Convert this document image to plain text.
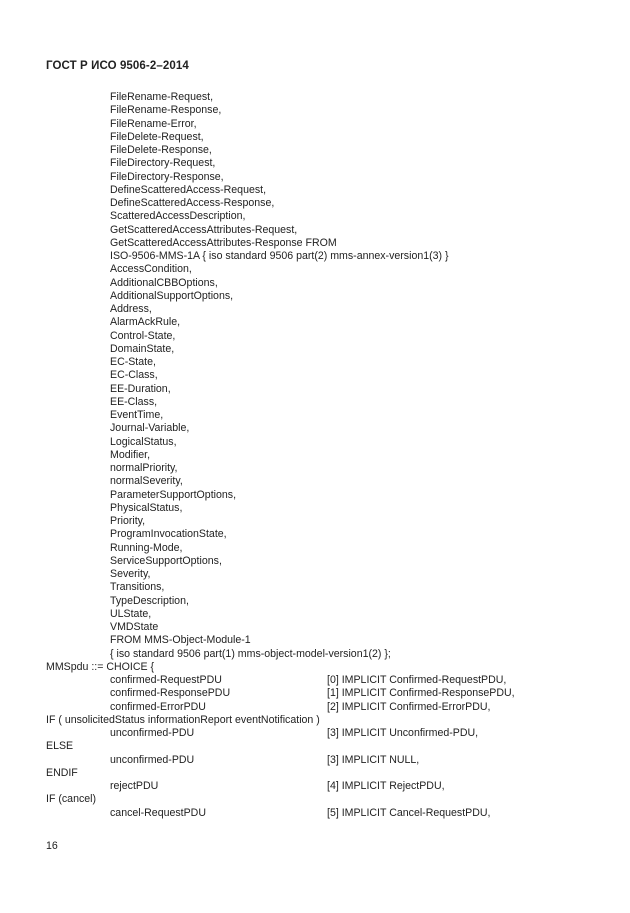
ГОСТ Р ИСО 9506-2–2014
FileRename-Request,
FileRename-Response,
FileRename-Error,
FileDelete-Request,
FileDelete-Response,
FileDirectory-Request,
FileDirectory-Response,
DefineScatteredAccess-Request,
DefineScatteredAccess-Response,
ScatteredAccessDescription,
GetScatteredAccessAttributes-Request,
GetScatteredAccessAttributes-Response FROM
ISO-9506-MMS-1A { iso standard 9506 part(2) mms-annex-version1(3) }
AccessCondition,
AdditionalCBBOptions,
AdditionalSupportOptions,
Address,
AlarmAckRule,
Control-State,
DomainState,
EC-State,
EC-Class,
EE-Duration,
EE-Class,
EventTime,
Journal-Variable,
LogicalStatus,
Modifier,
normalPriority,
normalSeverity,
ParameterSupportOptions,
PhysicalStatus,
Priority,
ProgramInvocationState,
Running-Mode,
ServiceSupportOptions,
Severity,
Transitions,
TypeDescription,
ULState,
VMDState
FROM MMS-Object-Module-1
{ iso standard 9506 part(1) mms-object-model-version1(2) };
MMSpdu ::= CHOICE {
confirmed-RequestPDU	[0] IMPLICIT Confirmed-RequestPDU,
confirmed-ResponsePDU	[1] IMPLICIT Confirmed-ResponsePDU,
confirmed-ErrorPDU	[2] IMPLICIT Confirmed-ErrorPDU,
IF ( unsolicitedStatus informationReport eventNotification )
unconfirmed-PDU	[3] IMPLICIT Unconfirmed-PDU,
ELSE
unconfirmed-PDU	[3] IMPLICIT NULL,
ENDIF
rejectPDU	[4] IMPLICIT RejectPDU,
IF (cancel)
cancel-RequestPDU	[5] IMPLICIT Cancel-RequestPDU,
16
